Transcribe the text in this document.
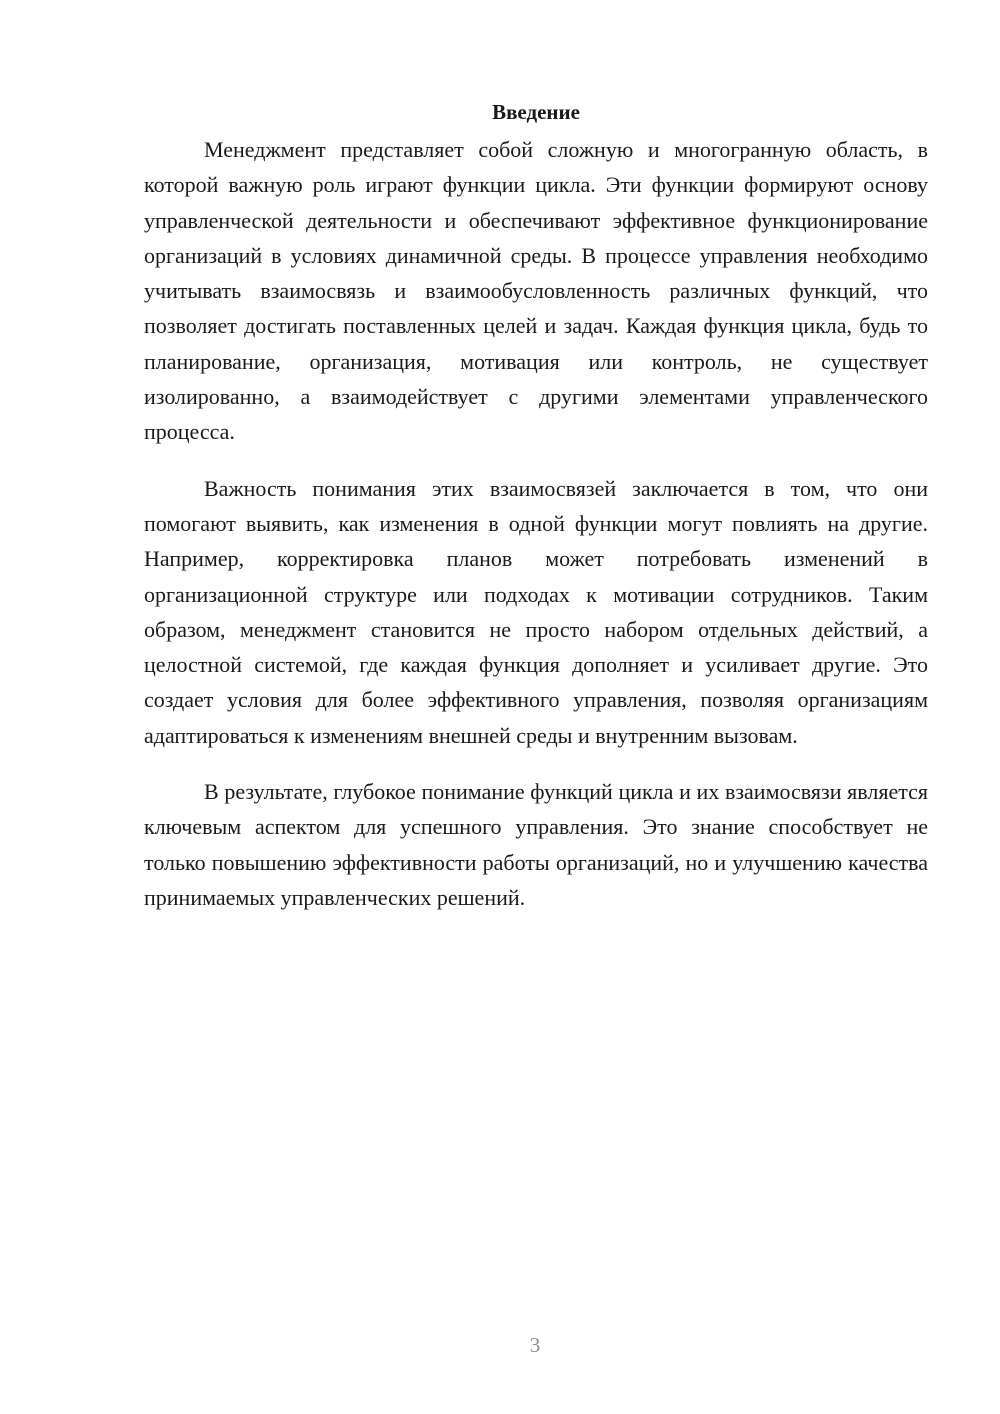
Введение

Менеджмент представляет собой сложную и многогранную область, в которой важную роль играют функции цикла. Эти функции формируют основу управленческой деятельности и обеспечивают эффективное функционирование организаций в условиях динамичной среды. В процессе управления необходимо учитывать взаимосвязь и взаимообусловленность различных функций, что позволяет достигать поставленных целей и задач. Каждая функция цикла, будь то планирование, организация, мотивация или контроль, не существует изолированно, а взаимодействует с другими элементами управленческого процесса.

Важность понимания этих взаимосвязей заключается в том, что они помогают выявить, как изменения в одной функции могут повлиять на другие. Например, корректировка планов может потребовать изменений в организационной структуре или подходах к мотивации сотрудников. Таким образом, менеджмент становится не просто набором отдельных действий, а целостной системой, где каждая функция дополняет и усиливает другие. Это создает условия для более эффективного управления, позволяя организациям адаптироваться к изменениям внешней среды и внутренним вызовам.

В результате, глубокое понимание функций цикла и их взаимосвязи является ключевым аспектом для успешного управления. Это знание способствует не только повышению эффективности работы организаций, но и улучшению качества принимаемых управленческих решений.

3
